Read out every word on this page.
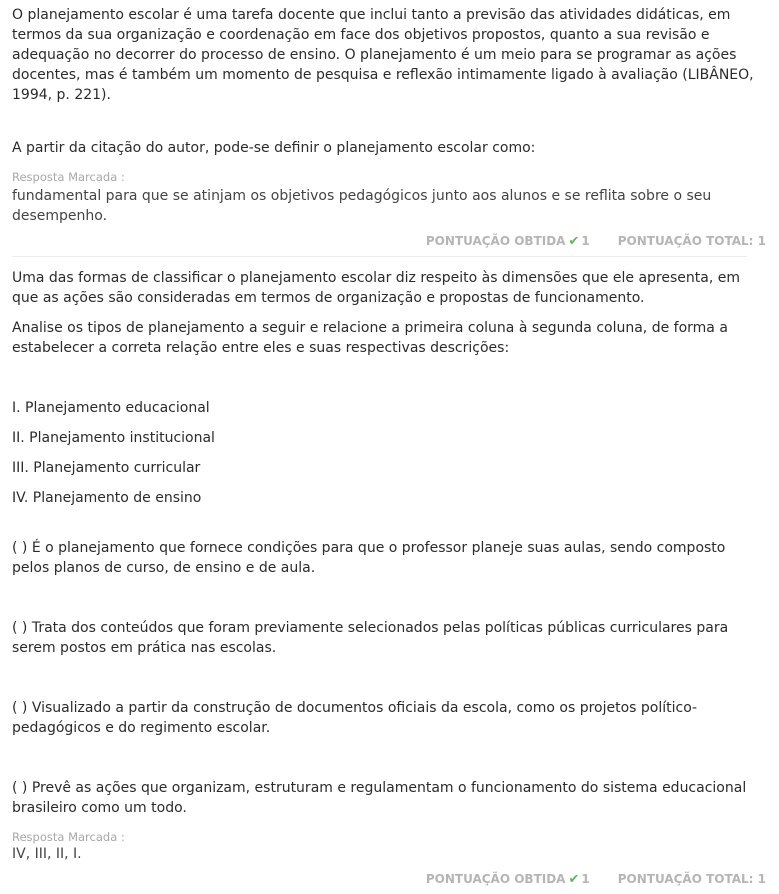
O planejamento escolar é uma tarefa docente que inclui tanto a previsão das atividades didáticas, em termos da sua organização e coordenação em face dos objetivos propostos, quanto a sua revisão e adequação no decorrer do processo de ensino. O planejamento é um meio para se programar as ações docentes, mas é também um momento de pesquisa e reflexão intimamente ligado à avaliação (LIBÂNEO, 1994, p. 221).

A partir da citação do autor, pode-se definir o planejamento escolar como:

Resposta Marcada :
fundamental para que se atinjam os objetivos pedagógicos junto aos alunos e se reflita sobre o seu desempenho.
PONTUAÇÃO OBTIDA ✔ 1 PONTUAÇÃO TOTAL: 1

Uma das formas de classificar o planejamento escolar diz respeito às dimensões que ele apresenta, em que as ações são consideradas em termos de organização e propostas de funcionamento.

Analise os tipos de planejamento a seguir e relacione a primeira coluna à segunda coluna, de forma a estabelecer a correta relação entre eles e suas respectivas descrições:

I. Planejamento educacional

II. Planejamento institucional

III. Planejamento curricular

IV. Planejamento de ensino

( ) É o planejamento que fornece condições para que o professor planeje suas aulas, sendo composto pelos planos de curso, de ensino e de aula.

( ) Trata dos conteúdos que foram previamente selecionados pelas políticas públicas curriculares para serem postos em prática nas escolas.

( ) Visualizado a partir da construção de documentos oficiais da escola, como os projetos político-pedagógicos e do regimento escolar.

( ) Prevê as ações que organizam, estruturam e regulamentam o funcionamento do sistema educacional brasileiro como um todo.

Resposta Marcada :
IV, III, II, I.
PONTUAÇÃO OBTIDA ✔ 1 PONTUAÇÃO TOTAL: 1
